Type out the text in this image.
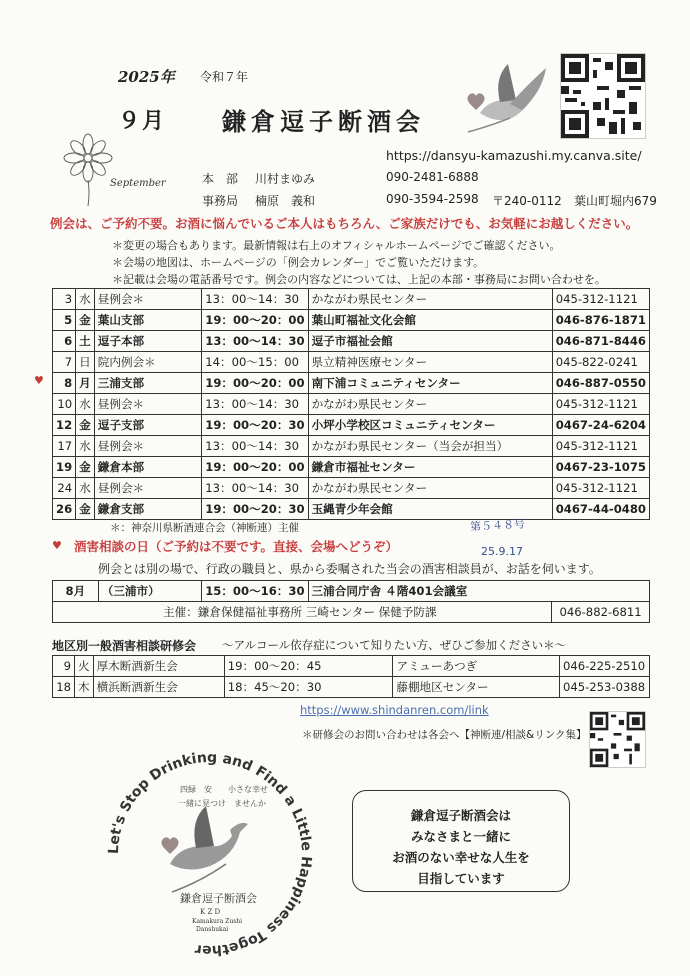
2025年 令和７年
９月 鎌倉逗子断酒会
September
https://dansyu-kamazushi.my.canva.site/
本　部 川村まゆみ	090-2481-6888
事務局 楠原　義和	090-3594-2598 〒240-0112 葉山町堀内679
例会は、ご予約不要。お酒に悩んでいるご本人はもちろん、ご家族だけでも、お気軽にお越しください。
＊変更の場合もあります。最新情報は右上のオフィシャルホームページでご確認ください。
＊会場の地図は、ホームページの「例会カレンダー」でご覧いただけます。
＊記載は会場の電話番号です。例会の内容などについては、上記の本部・事務局にお問い合わせを。
3	水	昼例会＊	13：00〜14：30	かながわ県民センター	045-312-1121
5	金	葉山支部	19：00〜20：00	葉山町福祉文化会館	046-876-1871
6	土	逗子本部	13：00〜14：30	逗子市福祉会館	046-871-8446
7	日	院内例会＊	14：00〜15：00	県立精神医療センター	045-822-0241
8	月	三浦支部	19：00〜20：00	南下浦コミュニティセンター	046-887-0550
10	水	昼例会＊	13：00〜14：30	かながわ県民センター	045-312-1121
12	金	逗子支部	19：00〜20：30	小坪小学校区コミュニティセンター	0467-24-6204
17	水	昼例会＊	13：00〜14：30	かながわ県民センター（当会が担当）	045-312-1121
19	金	鎌倉本部	19：00〜20：00	鎌倉市福祉センター	0467-23-1075
24	水	昼例会＊	13：00〜14：30	かながわ県民センター	045-312-1121
26	金	鎌倉支部	19：00〜20：30	玉縄青少年会館	0467-44-0480
♥
＊：神奈川県断酒連合会（神断連）主催	第５４８号
25.9.17
♥ 酒害相談の日（ご予約は不要です。直接、会場へどうぞ）
例会とは別の場で、行政の職員と、県から委嘱された当会の酒害相談員が、お話を伺います。
8月	（三浦市）	15：00〜16：30	三浦合同庁舎 ４階401会議室	
主催：鎌倉保健福祉事務所 三崎センター 保健予防課				046-882-6811
地区別一般酒害相談研修会 〜アルコール依存症について知りたい方、ぜひご参加ください＊〜
9	火	厚木断酒新生会	19：00〜20：45	アミューあつぎ	046-225-2510
18	木	横浜断酒新生会	18：45〜20：30	藤棚地区センター	045-253-0388
https://www.shindanren.com/link
＊研修会のお問い合わせは各会へ【神断連/相談&リンク集】
Let's Stop Drinking and Find a Little Happiness Together
四緑　安　　小さな幸せ
一緒に見つけ　ませんか
鎌倉逗子断酒会
K Z D
Kamakura Zushi
Danshukai
鎌倉逗子断酒会は
みなさまと一緒に
お酒のない幸せな人生を
目指しています
